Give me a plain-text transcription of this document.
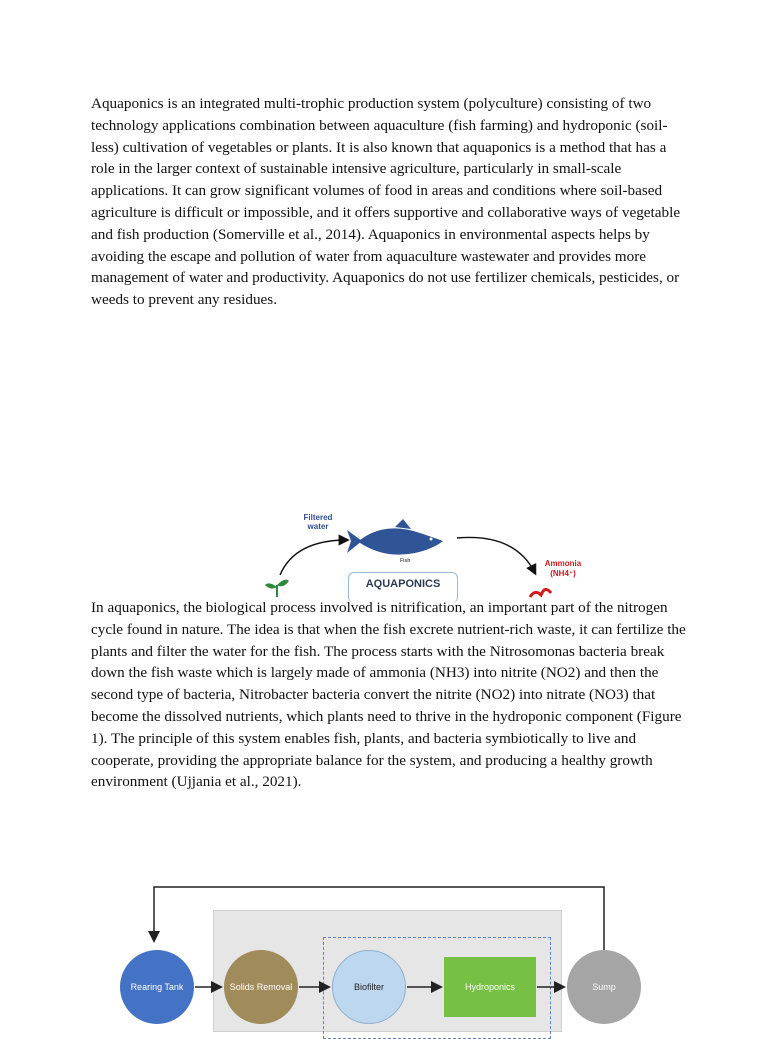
Aquaponics is an integrated multi-trophic production system (polyculture) consisting of two technology applications combination between aquaculture (fish farming) and hydroponic (soil-less) cultivation of vegetables or plants. It is also known that aquaponics is a method that has a role in the larger context of sustainable intensive agriculture, particularly in small-scale applications. It can grow significant volumes of food in areas and conditions where soil-based agriculture is difficult or impossible, and it offers supportive and collaborative ways of vegetable and fish production (Somerville et al., 2014). Aquaponics in environmental aspects helps by avoiding the escape and pollution of water from aquaculture wastewater and provides more management of water and productivity. Aquaponics do not use fertilizer chemicals, pesticides, or weeds to prevent any residues.

Filtered water
Fish	Ammonia (NH4⁺)
AQUAPONICS

In aquaponics, the biological process involved is nitrification, an important part of the nitrogen cycle found in nature. The idea is that when the fish excrete nutrient-rich waste, it can fertilize the plants and filter the water for the fish. The process starts with the Nitrosomonas bacteria break down the fish waste which is largely made of ammonia (NH3) into nitrite (NO2) and then the second type of bacteria, Nitrobacter bacteria convert the nitrite (NO2) into nitrate (NO3) that become the dissolved nutrients, which plants need to thrive in the hydroponic component (Figure 1). The principle of this system enables fish, plants, and bacteria symbiotically to live and cooperate, providing the appropriate balance for the system, and producing a healthy growth environment (Ujjania et al., 2021).

Rearing Tank	Solids Removal	Biofilter	Hydroponics	Sump
